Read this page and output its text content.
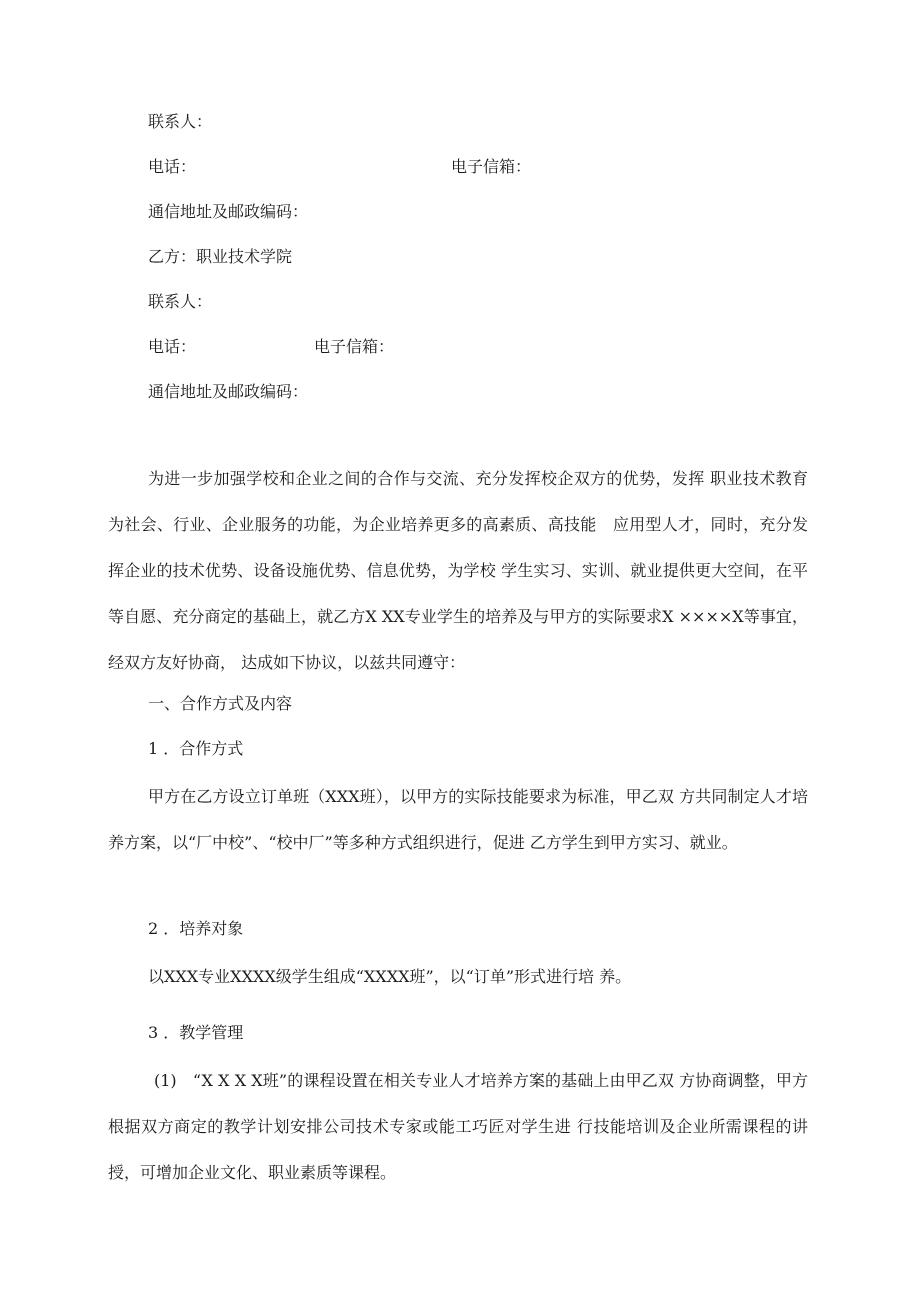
联系人：
电话：	电子信箱：
通信地址及邮政编码：
乙方：职业技术学院
联系人：
电话：	电子信箱：
通信地址及邮政编码：
为进一步加强学校和企业之间的合作与交流、充分发挥校企双方的优势，发挥 职业技术教育为社会、行业、企业服务的功能，为企业培养更多的高素质、高技能　应用型人才，同时，充分发挥企业的技术优势、设备设施优势、信息优势，为学校 学生实习、实训、就业提供更大空间，在平等自愿、充分商定的基础上，就乙方X XX专业学生的培养及与甲方的实际要求X ××××X等事宜，经双方友好协商， 达成如下协议，以兹共同遵守：
一、合作方式及内容
1 ．合作方式
甲方在乙方设立订单班（XXX班），以甲方的实际技能要求为标准，甲乙双 方共同制定人才培养方案，以“厂中校”、“校中厂”等多种方式组织进行，促进 乙方学生到甲方实习、就业。
2 ．培养对象
以XXX专业XXXX级学生组成“XXXX班”，以“订单”形式进行培 养。
3 ．教学管理
(1)　“X X X X班”的课程设置在相关专业人才培养方案的基础上由甲乙双 方协商调整，甲方根据双方商定的教学计划安排公司技术专家或能工巧匠对学生进 行技能培训及企业所需课程的讲授，可增加企业文化、职业素质等课程。
